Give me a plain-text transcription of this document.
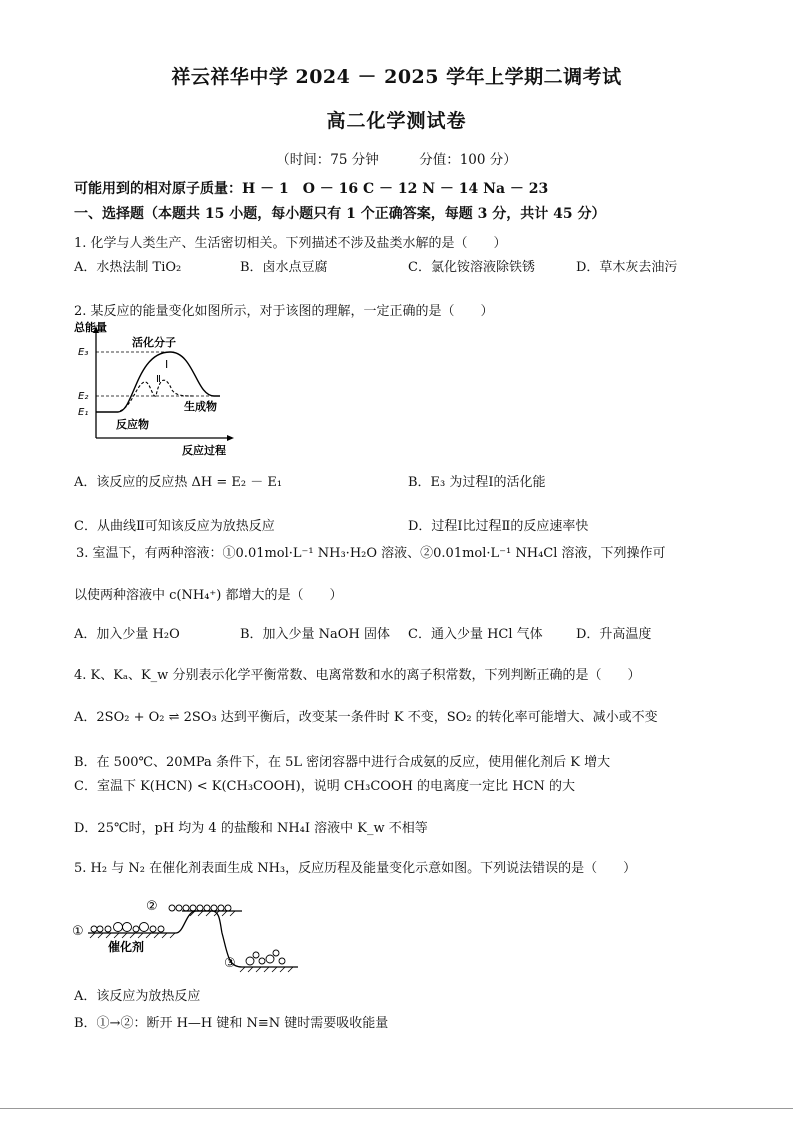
祥云祥华中学 2024 － 2025 学年上学期二调考试
高二化学测试卷
（时间：75 分钟　　　分值：100 分）
可能用到的相对原子质量：H － 1　O － 16 C － 12 N － 14 Na － 23
一、选择题（本题共 15 小题，每小题只有 1 个正确答案，每题 3 分，共计 45 分）
1. 化学与人类生产、生活密切相关。下列描述不涉及盐类水解的是（　　）
A．水热法制 TiO₂	B．卤水点豆腐	C．氯化铵溶液除铁锈	D．草木灰去油污
2. 某反应的能量变化如图所示，对于该图的理解，一定正确的是（　　）
总能量
活化分子
Ⅰ
Ⅱ
E₃
E₂
E₁	生成物
反应物
反应过程
A．该反应的反应热 ΔH = E₂ － E₁	B．E₃ 为过程Ⅰ的活化能
C．从曲线Ⅱ可知该反应为放热反应	D．过程Ⅰ比过程Ⅱ的反应速率快
3. 室温下，有两种溶液：①0.01mol·L⁻¹ NH₃·H₂O 溶液、②0.01mol·L⁻¹ NH₄Cl 溶液，下列操作可
以使两种溶液中 c(NH₄⁺) 都增大的是（　　）
A．加入少量 H₂O	B．加入少量 NaOH 固体 C．通入少量 HCl 气体	D．升高温度
4. K、Kₐ、K_w 分别表示化学平衡常数、电离常数和水的离子积常数，下列判断正确的是（　　）
A．2SO₂ + O₂ ⇌ 2SO₃ 达到平衡后，改变某一条件时 K 不变，SO₂ 的转化率可能增大、减小或不变
B．在 500℃、20MPa 条件下，在 5L 密闭容器中进行合成氨的反应，使用催化剂后 K 增大
C．室温下 K(HCN) < K(CH₃COOH)，说明 CH₃COOH 的电离度一定比 HCN 的大
D．25℃时，pH 均为 4 的盐酸和 NH₄I 溶液中 K_w 不相等
5. H₂ 与 N₂ 在催化剂表面生成 NH₃，反应历程及能量变化示意如图。下列说法错误的是（　　）
①
②
③
催化剂
A．该反应为放热反应
B．①→②：断开 H—H 键和 N≡N 键时需要吸收能量
